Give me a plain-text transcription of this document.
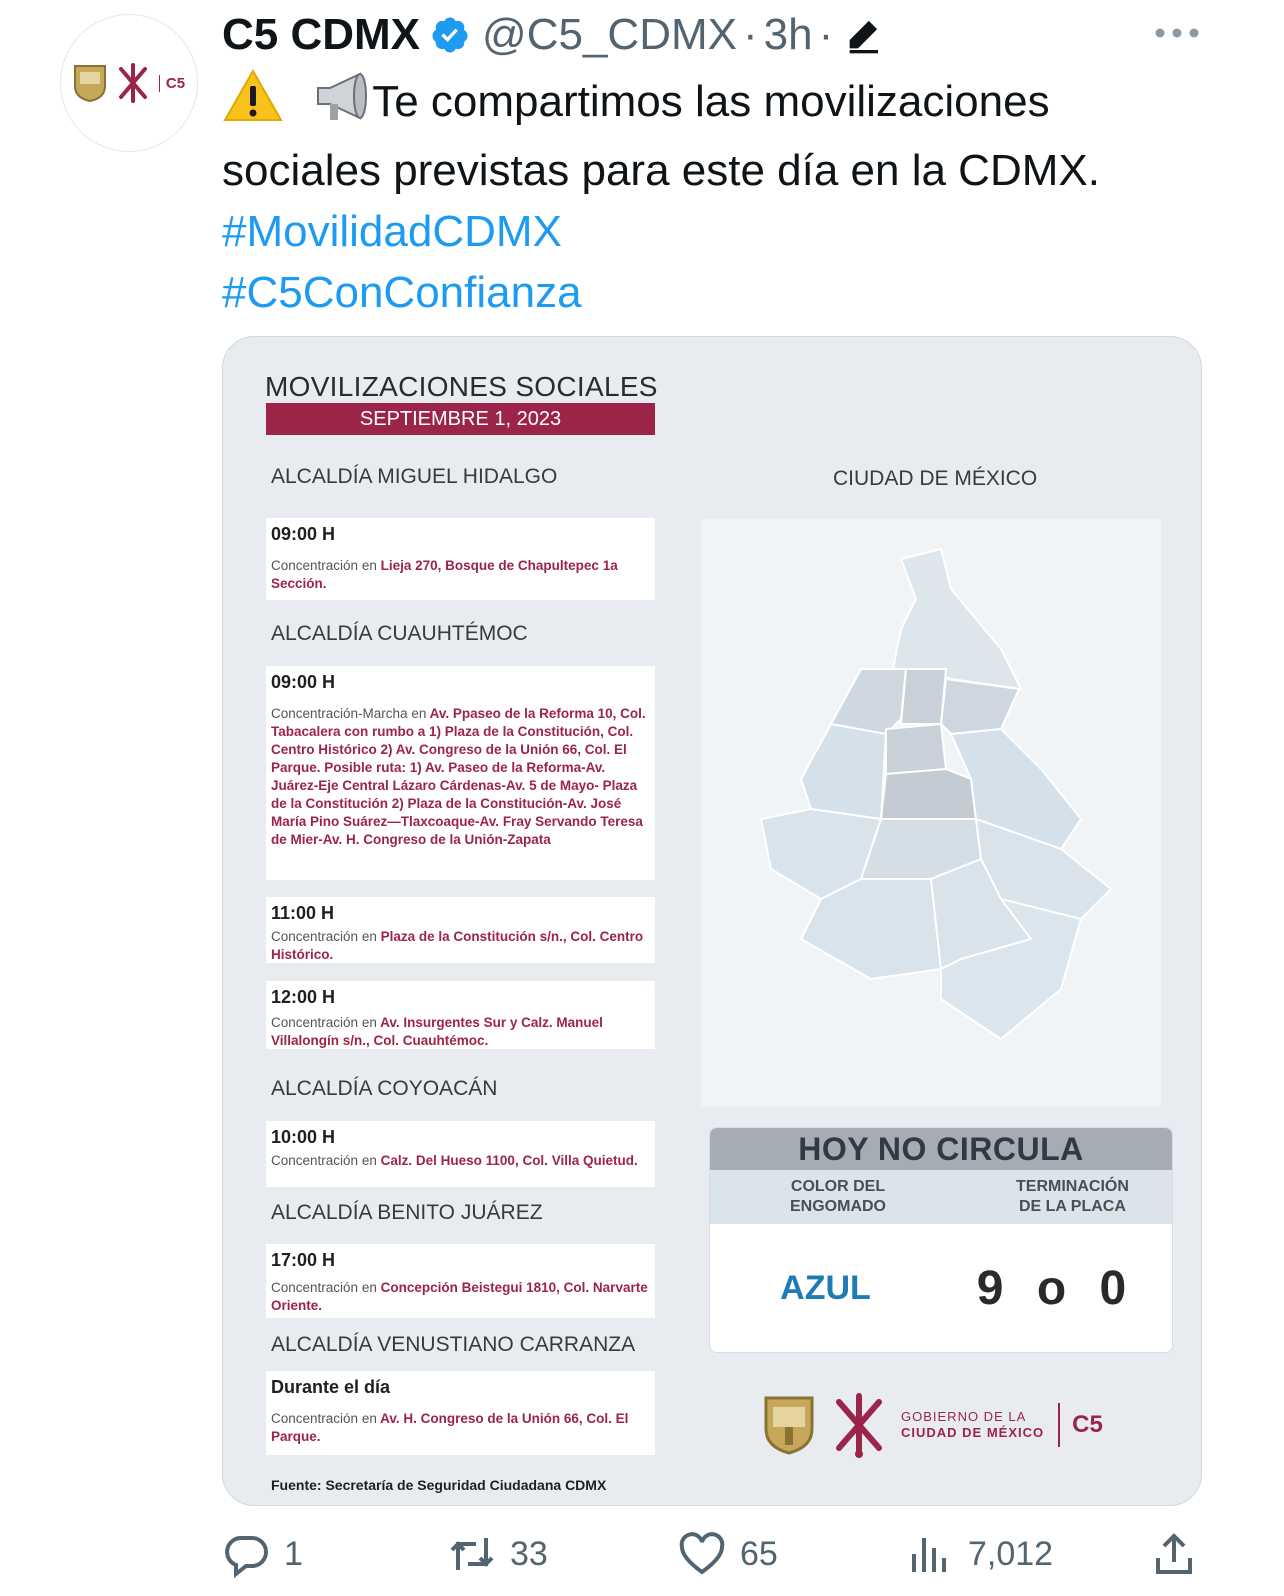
C5
C5 CDMX @C5_CDMX · 3h ·
Te compartimos las movilizaciones
sociales previstas para este día en la CDMX.
#MovilidadCDMX
#C5ConConfianza
MOVILIZACIONES SOCIALES
SEPTIEMBRE 1, 2023
ALCALDÍA MIGUEL HIDALGO
09:00 H
Concentración en Lieja 270, Bosque de Chapultepec 1a Sección.
ALCALDÍA CUAUHTÉMOC
09:00 H
Concentración-Marcha en Av. Ppaseo de la Reforma 10, Col. Tabacalera con rumbo a 1) Plaza de la Constitución, Col. Centro Histórico 2) Av. Congreso de la Unión 66, Col. El Parque. Posible ruta: 1) Av. Paseo de la Reforma-Av. Juárez-Eje Central Lázaro Cárdenas-Av. 5 de Mayo- Plaza de la Constitución 2) Plaza de la Constitución-Av. José María Pino Suárez—Tlaxcoaque-Av. Fray Servando Teresa de Mier-Av. H. Congreso de la Unión-Zapata
11:00 H
Concentración en Plaza de la Constitución s/n., Col. Centro Histórico.
12:00 H
Concentración en Av. Insurgentes Sur y Calz. Manuel Villalongín s/n., Col. Cuauhtémoc.
ALCALDÍA COYOACÁN
10:00 H
Concentración en Calz. Del Hueso 1100, Col. Villa Quietud.
ALCALDÍA BENITO JUÁREZ
17:00 H
Concentración en Concepción Beistegui 1810, Col. Narvarte Oriente.
ALCALDÍA VENUSTIANO CARRANZA
Durante el día
Concentración en Av. H. Congreso de la Unión 66, Col. El Parque.
Fuente: Secretaría de Seguridad Ciudadana CDMX
CIUDAD DE MÉXICO
HOY NO CIRCULA
COLOR DEL ENGOMADO
TERMINACIÓN DE LA PLACA
AZUL 9 o 0
GOBIERNO DE LA
CIUDAD DE MÉXICO	C5
1	33	65	7,012
